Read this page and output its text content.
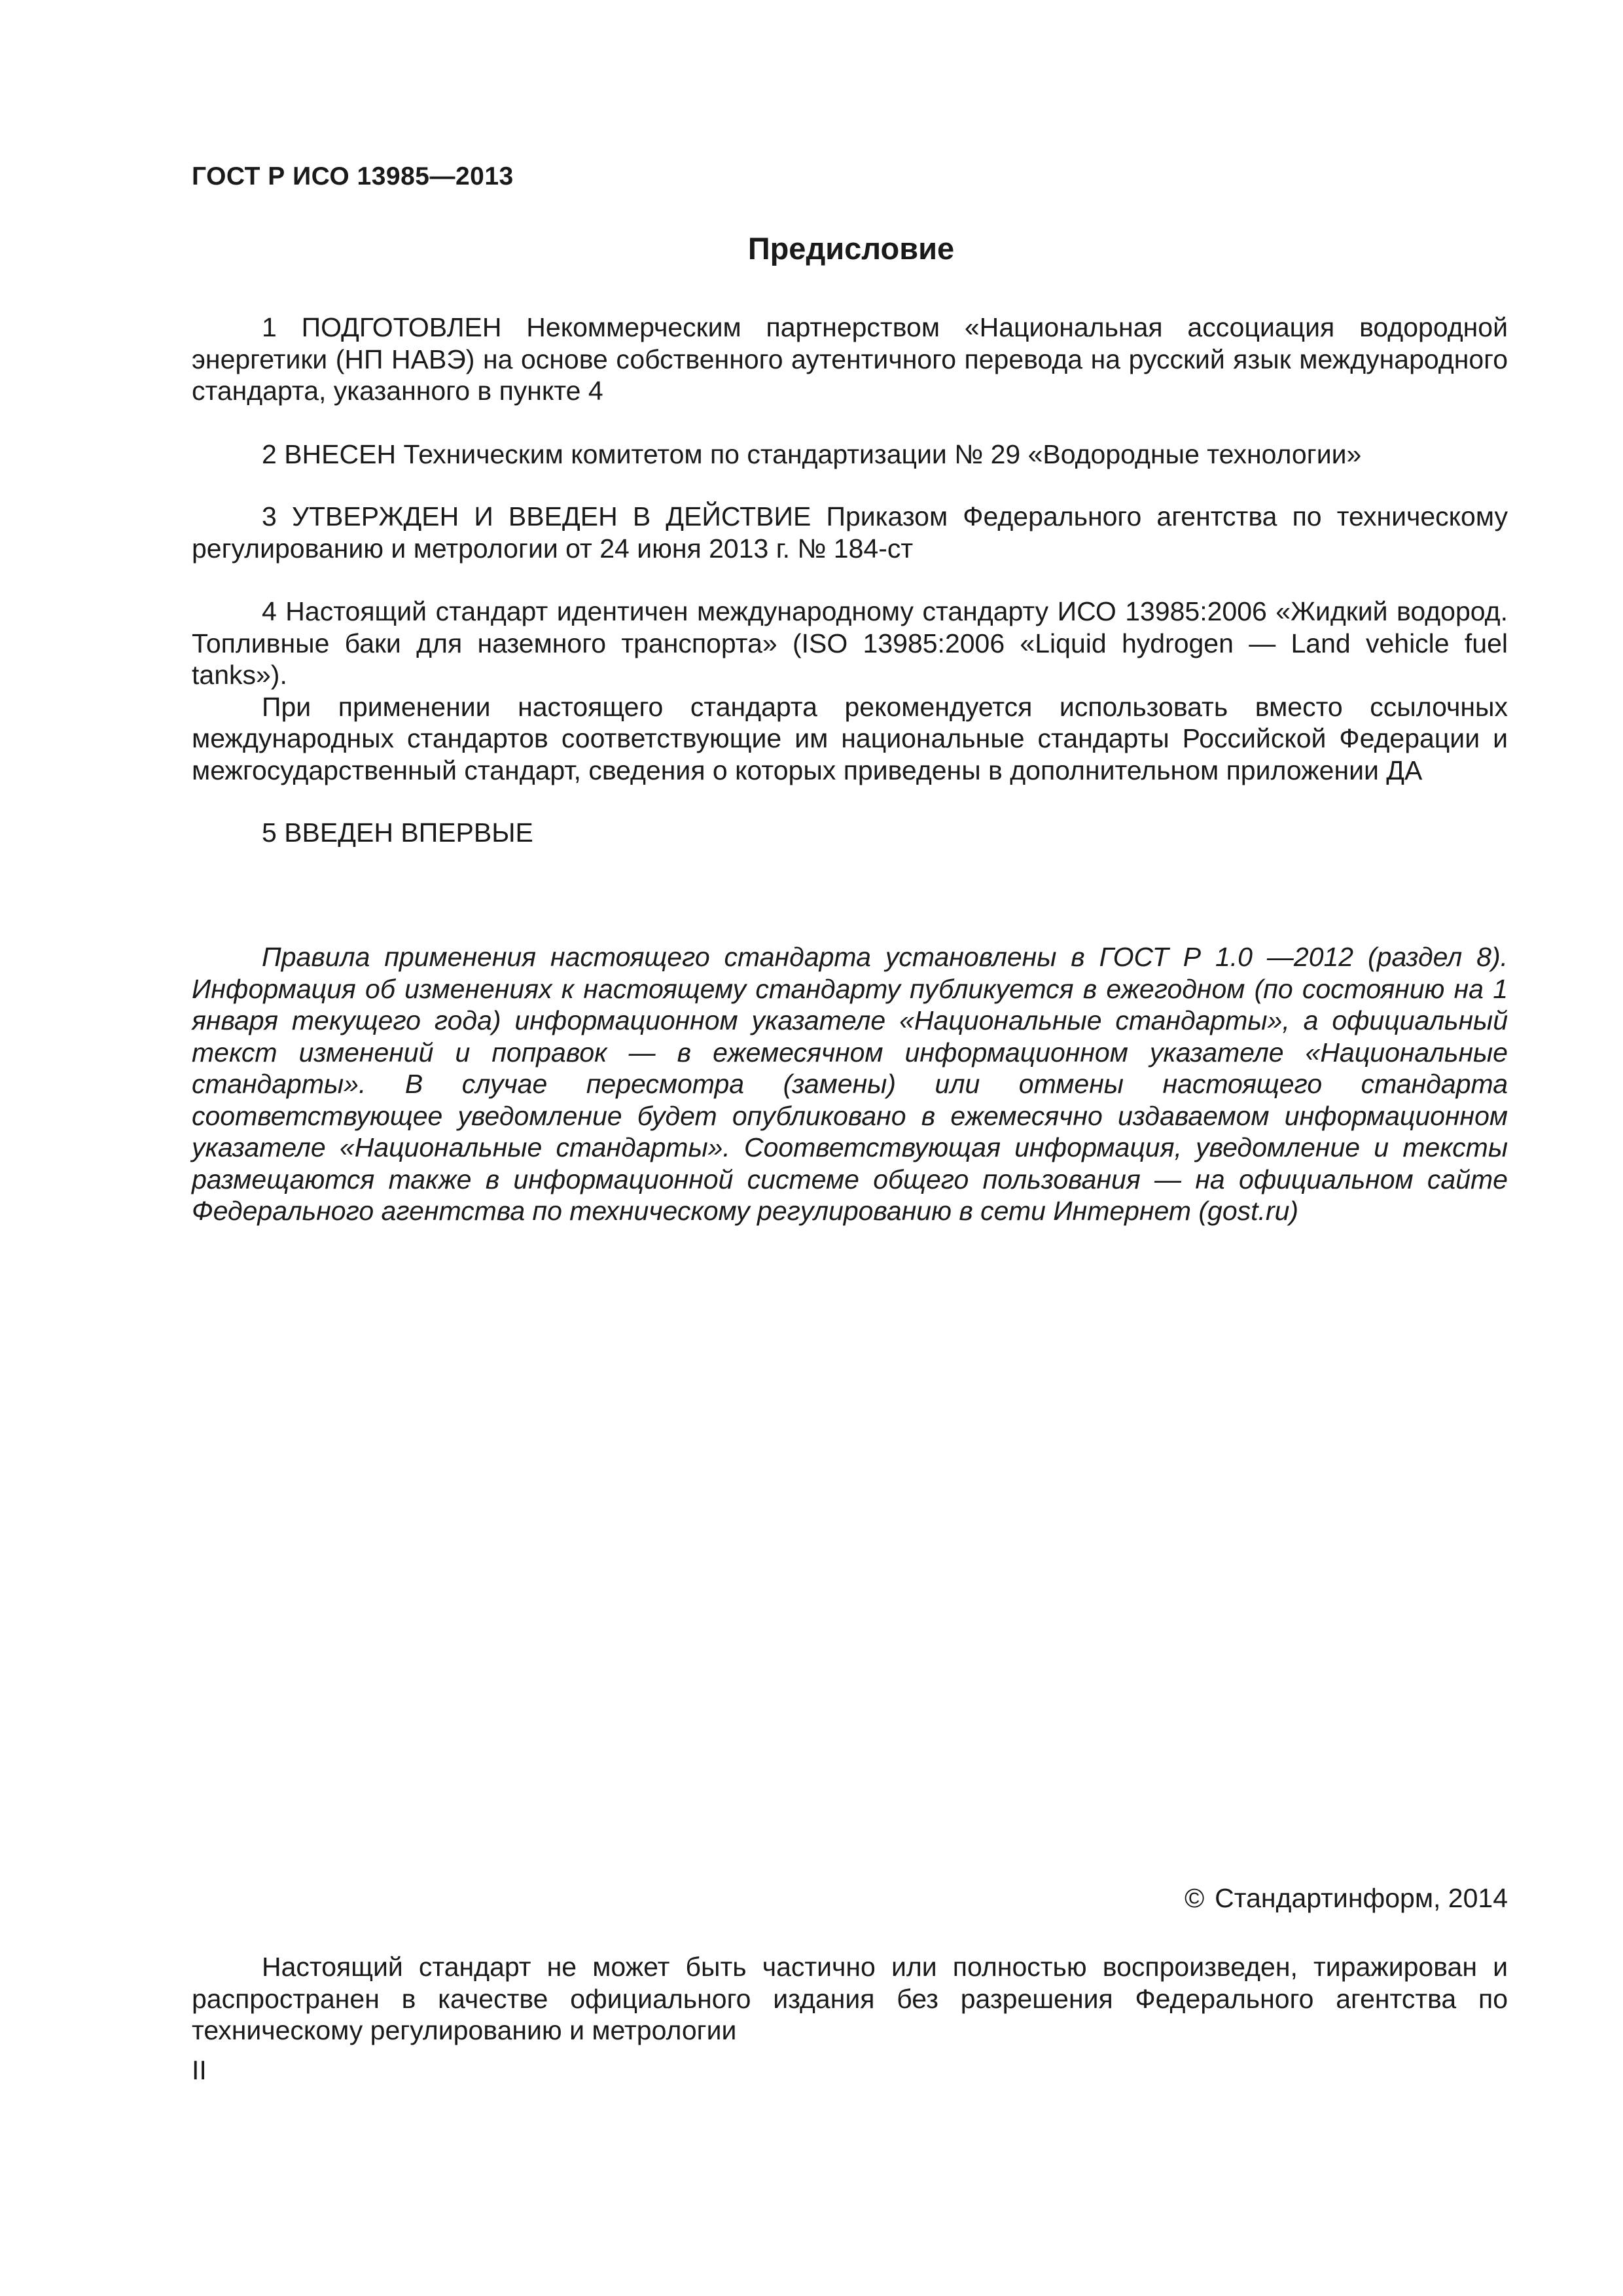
ГОСТ Р ИСО 13985—2013
Предисловие

1 ПОДГОТОВЛЕН Некоммерческим партнерством «Национальная ассоциация водородной энергетики (НП НАВЭ) на основе собственного аутентичного перевода на русский язык международного стандарта, указанного в пункте 4

2 ВНЕСЕН Техническим комитетом по стандартизации № 29 «Водородные технологии»

3 УТВЕРЖДЕН И ВВЕДЕН В ДЕЙСТВИЕ Приказом Федерального агентства по техническому регулированию и метрологии от 24 июня 2013 г. № 184-ст

4 Настоящий стандарт идентичен международному стандарту ИСО 13985:2006 «Жидкий водород. Топливные баки для наземного транспорта» (ISO 13985:2006 «Liquid hydrogen — Land vehicle fuel tanks»).

При применении настоящего стандарта рекомендуется использовать вместо ссылочных международных стандартов соответствующие им национальные стандарты Российской Федерации и межгосударственный стандарт, сведения о которых приведены в дополнительном приложении ДА

5 ВВЕДЕН ВПЕРВЫЕ

Правила применения настоящего стандарта установлены в ГОСТ Р 1.0 —2012 (раздел 8). Информация об изменениях к настоящему стандарту публикуется в ежегодном (по состоянию на 1 января текущего года) информационном указателе «Национальные стандарты», а официальный текст изменений и поправок — в ежемесячном информационном указателе «Национальные стандарты». В случае пересмотра (замены) или отмены настоящего стандарта соответствующее уведомление будет опубликовано в ежемесячно издаваемом информационном указателе «Национальные стандарты». Соответствующая информация, уведомление и тексты размещаются также в информационной системе общего пользования — на официальном сайте Федерального агентства по техническому регулированию в сети Интернет (gost.ru)

© Стандартинформ, 2014

Настоящий стандарт не может быть частично или полностью воспроизведен, тиражирован и распространен в качестве официального издания без разрешения Федерального агентства по техническому регулированию и метрологии

II
